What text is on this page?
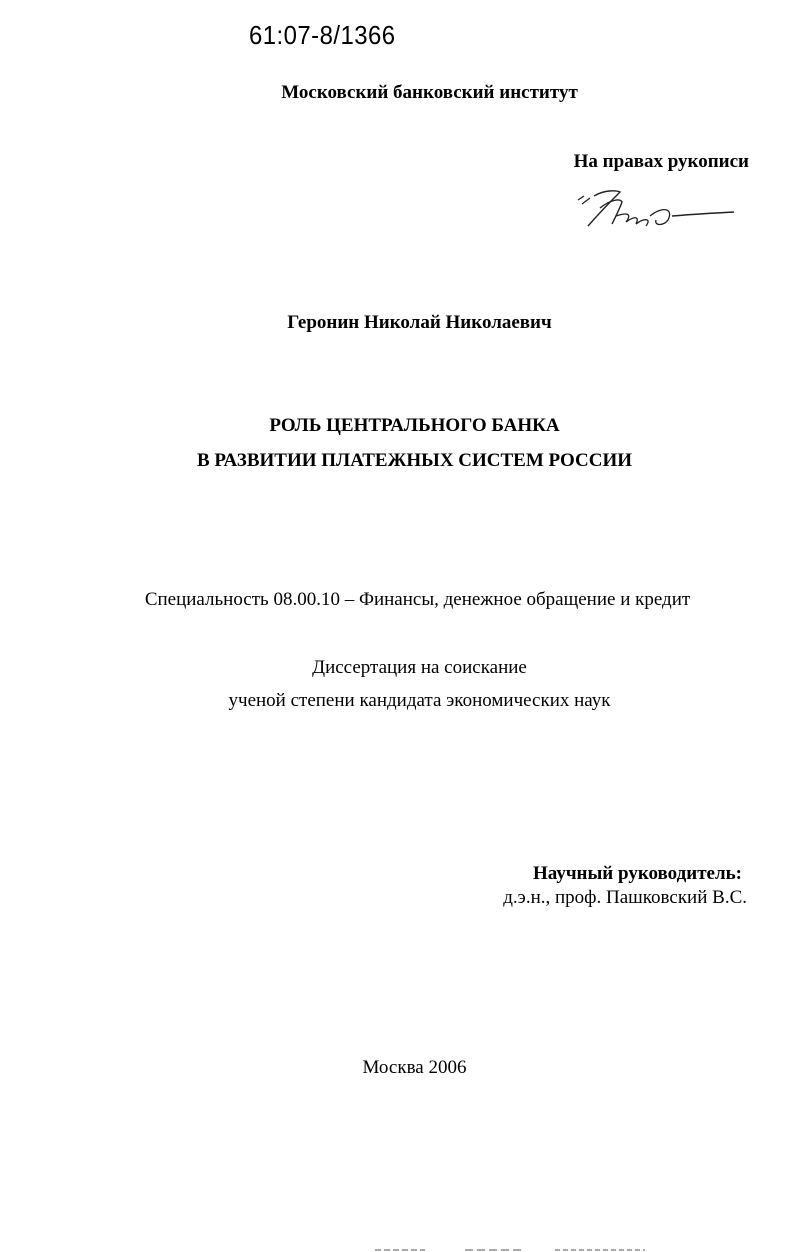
61:07-8/1366
Московский банковский институт
На правах рукописи
Геронин Николай Николаевич
РОЛЬ ЦЕНТРАЛЬНОГО БАНКА
В РАЗВИТИИ ПЛАТЕЖНЫХ СИСТЕМ РОССИИ
Специальность 08.00.10 – Финансы, денежное обращение и кредит
Диссертация на соискание
ученой степени кандидата экономических наук
Научный руководитель:
д.э.н., проф. Пашковский В.С.
Москва 2006
